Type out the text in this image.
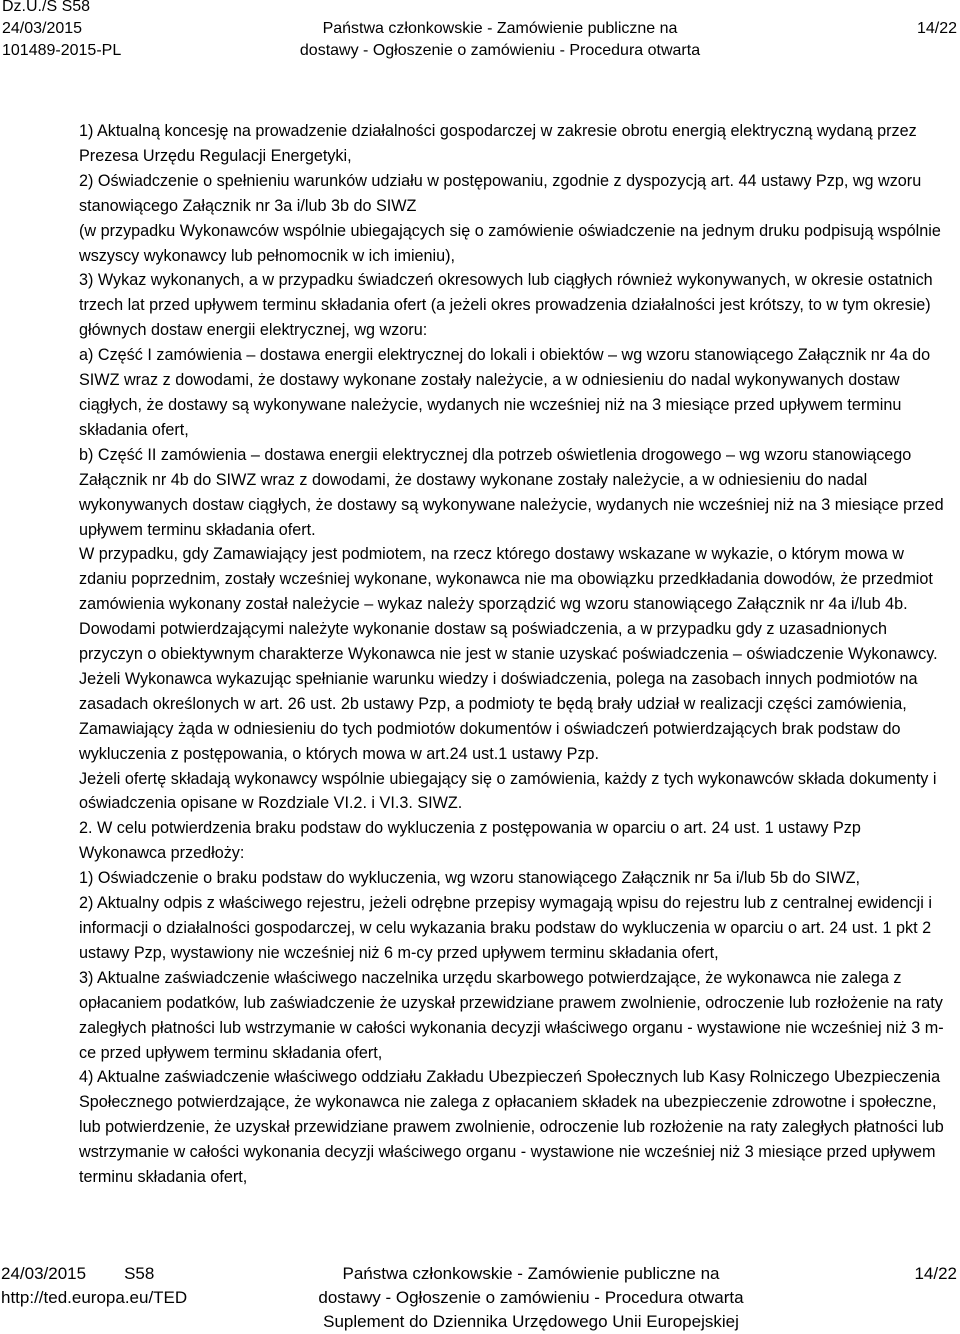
Dz.U./S S58
24/03/2015
101489-2015-PL
Państwa członkowskie - Zamówienie publiczne na
dostawy - Ogłoszenie o zamówieniu - Procedura otwarta
14/22

1) Aktualną koncesję na prowadzenie działalności gospodarczej w zakresie obrotu energią elektryczną wydaną przez Prezesa Urzędu Regulacji Energetyki,

2) Oświadczenie o spełnieniu warunków udziału w postępowaniu, zgodnie z dyspozycją art. 44 ustawy Pzp, wg wzoru stanowiącego Załącznik nr 3a i/lub 3b do SIWZ

(w przypadku Wykonawców wspólnie ubiegających się o zamówienie oświadczenie na jednym druku podpisują wspólnie wszyscy wykonawcy lub pełnomocnik w ich imieniu),

3) Wykaz wykonanych, a w przypadku świadczeń okresowych lub ciągłych również wykonywanych, w okresie ostatnich trzech lat przed upływem terminu składania ofert (a jeżeli okres prowadzenia działalności jest krótszy, to w tym okresie) głównych dostaw energii elektrycznej, wg wzoru:

a) Część I zamówienia – dostawa energii elektrycznej do lokali i obiektów – wg wzoru stanowiącego Załącznik nr 4a do SIWZ wraz z dowodami, że dostawy wykonane zostały należycie, a w odniesieniu do nadal wykonywanych dostaw ciągłych, że dostawy są wykonywane należycie, wydanych nie wcześniej niż na 3 miesiące przed upływem terminu składania ofert,

b) Część II zamówienia – dostawa energii elektrycznej dla potrzeb oświetlenia drogowego – wg wzoru stanowiącego Załącznik nr 4b do SIWZ wraz z dowodami, że dostawy wykonane zostały należycie, a w odniesieniu do nadal wykonywanych dostaw ciągłych, że dostawy są wykonywane należycie, wydanych nie wcześniej niż na 3 miesiące przed upływem terminu składania ofert.

W przypadku, gdy Zamawiający jest podmiotem, na rzecz którego dostawy wskazane w wykazie, o którym mowa w zdaniu poprzednim, zostały wcześniej wykonane, wykonawca nie ma obowiązku przedkładania dowodów, że przedmiot zamówienia wykonany został należycie – wykaz należy sporządzić wg wzoru stanowiącego Załącznik nr 4a i/lub 4b.

Dowodami potwierdzającymi należyte wykonanie dostaw są poświadczenia, a w przypadku gdy z uzasadnionych przyczyn o obiektywnym charakterze Wykonawca nie jest w stanie uzyskać poświadczenia – oświadczenie Wykonawcy.

Jeżeli Wykonawca wykazując spełnianie warunku wiedzy i doświadczenia, polega na zasobach innych podmiotów na zasadach określonych w art. 26 ust. 2b ustawy Pzp, a podmioty te będą brały udział w realizacji części zamówienia, Zamawiający żąda w odniesieniu do tych podmiotów dokumentów i oświadczeń potwierdzających brak podstaw do wykluczenia z postępowania, o których mowa w art.24 ust.1 ustawy Pzp.

Jeżeli ofertę składają wykonawcy wspólnie ubiegający się o zamówienia, każdy z tych wykonawców składa dokumenty i oświadczenia opisane w Rozdziale VI.2. i VI.3. SIWZ.

2. W celu potwierdzenia braku podstaw do wykluczenia z postępowania w oparciu o art. 24 ust. 1 ustawy Pzp Wykonawca przedłoży:

1) Oświadczenie o braku podstaw do wykluczenia, wg wzoru stanowiącego Załącznik nr 5a i/lub 5b do SIWZ,

2) Aktualny odpis z właściwego rejestru, jeżeli odrębne przepisy wymagają wpisu do rejestru lub z centralnej ewidencji i informacji o działalności gospodarczej, w celu wykazania braku podstaw do wykluczenia w oparciu o art. 24 ust. 1 pkt 2 ustawy Pzp, wystawiony nie wcześniej niż 6 m-cy przed upływem terminu składania ofert,

3) Aktualne zaświadczenie właściwego naczelnika urzędu skarbowego potwierdzające, że wykonawca nie zalega z opłacaniem podatków, lub zaświadczenie że uzyskał przewidziane prawem zwolnienie, odroczenie lub rozłożenie na raty zaległych płatności lub wstrzymanie w całości wykonania decyzji właściwego organu - wystawione nie wcześniej niż 3 m-ce przed upływem terminu składania ofert,

4) Aktualne zaświadczenie właściwego oddziału Zakładu Ubezpieczeń Społecznych lub Kasy Rolniczego Ubezpieczenia Społecznego potwierdzające, że wykonawca nie zalega z opłacaniem składek na ubezpieczenie zdrowotne i społeczne, lub potwierdzenie, że uzyskał przewidziane prawem zwolnienie, odroczenie lub rozłożenie na raty zaległych płatności lub wstrzymanie w całości wykonania decyzji właściwego organu - wystawione nie wcześniej niż 3 miesiące przed upływem terminu składania ofert,

24/03/2015 S58
http://ted.europa.eu/TED
Państwa członkowskie - Zamówienie publiczne na
dostawy - Ogłoszenie o zamówieniu - Procedura otwarta
Suplement do Dziennika Urzędowego Unii Europejskiej
14/22
